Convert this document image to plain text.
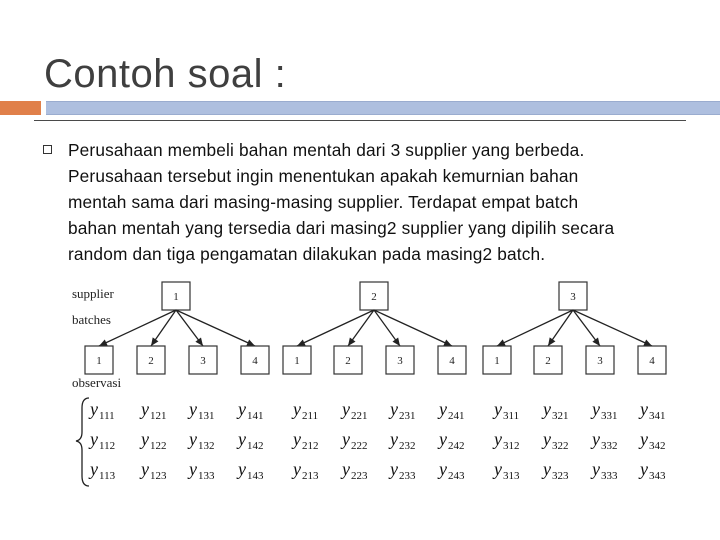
Contoh soal :
Perusahaan membeli bahan mentah dari 3 supplier yang berbeda.
Perusahaan tersebut ingin menentukan apakah kemurnian bahan
mentah sama dari masing-masing supplier. Terdapat empat batch
bahan mentah yang tersedia dari masing2 supplier yang dipilih secara
random dan tiga pengamatan dilakukan pada masing2 batch.
supplier
batches
observasi
1
1	2	3	4
2
1	2	3	4
3
1	2	3	4
$y_{111}$ $y_{121}$ $y_{131}$ $y_{141}$ $y_{211}$ $y_{221}$ $y_{231}$ $y_{241}$ $y_{311}$ $y_{321}$ $y_{331}$ $y_{341}$
$y_{112}$ $y_{122}$ $y_{132}$ $y_{142}$ $y_{212}$ $y_{222}$ $y_{232}$ $y_{242}$ $y_{312}$ $y_{322}$ $y_{332}$ $y_{342}$
$y_{113}$ $y_{123}$ $y_{133}$ $y_{143}$ $y_{213}$ $y_{223}$ $y_{233}$ $y_{243}$ $y_{313}$ $y_{323}$ $y_{333}$ $y_{343}$
